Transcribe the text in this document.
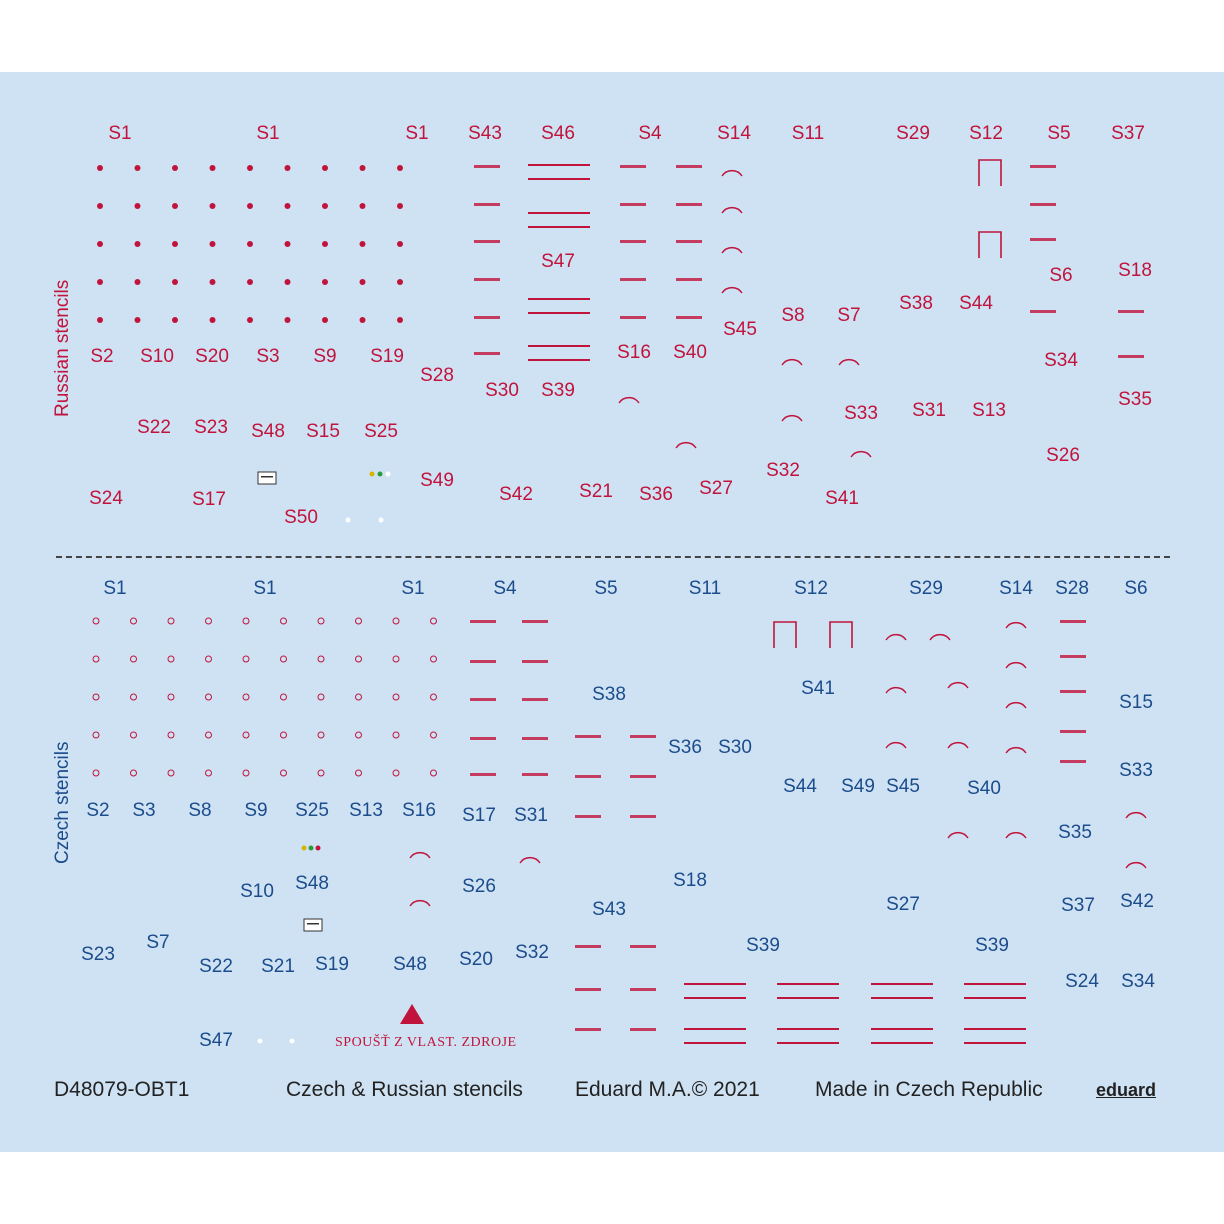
Russian stencils
Czech stencils
S1	S1	S1 S43 S46	S4	S14 S11	S29 S12 S5 S37
S47
S6 S18
S38 S44
S8 S7
S45
S16 S40
S2 S10 S20 S3 S9 S19
S28
S30 S39
S34
S33 S31 S13
S35
S22 S23 S48 S15 S25
S49
S26
S32
S24	S17
S50
S42 S21 S36 S27	S41
S1	S1	S1	S4	S5	S11	S12	S29	S14 S28 S6
S38	S41
S15
S36 S30
S33
S44 S49 S45 S40
S2 S3 S8 S9 S25 S13 S16 S17 S31
S35
S10 S48	S26	S18
S43	S27	S37 S42
S23
S7
S22 S21 S19 S48 S20 S32	S39	S39
S24 S34
S47	SPOUŠŤ Z VLAST. ZDROJE
D48079-OBT1	Czech & Russian stencils Eduard M.A.© 2021	Made in Czech Republic	eduard
